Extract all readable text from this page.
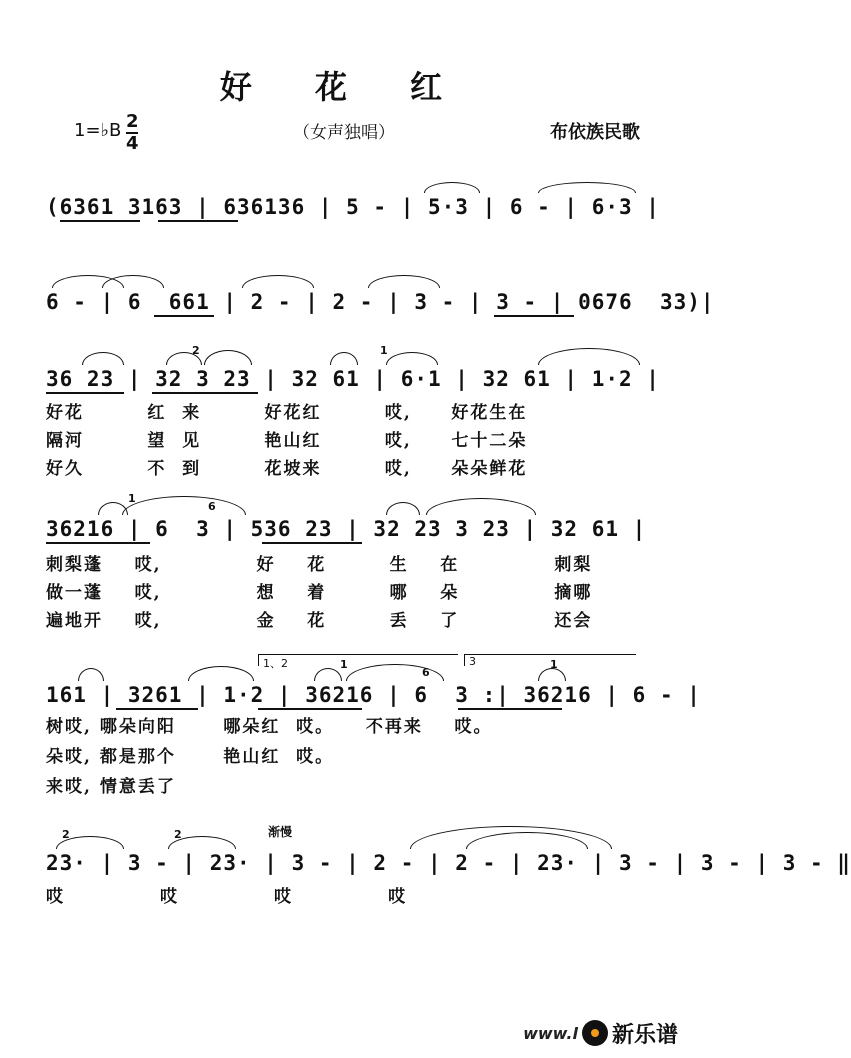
好 花 红
（女声独唱）	布依族民歌
1=♭B 2
4
(6361 3163 | 636136 | 5 - | 5·3 | 6 - | 6·3 |
6 - | 6  661 | 2 - | 2 - | 3 - | 3 - | 0676  33)|
36 23 | 32 3 23 | 32 61 | 6·1 | 32 61 | 1·2 |
2	1
好花        红  来        好花红        哎,     好花生在
隔河        望  见        艳山红        哎,     七十二朵
好久        不  到        花坡来        哎,     朵朵鲜花
36216 | 6  3 | 536 23 | 32 23 3 23 | 32 61 |
1
6
刺梨蓬    哎,            好    花        生    在            刺梨
做一蓬    哎,            想    着        哪    朵            摘哪
遍地开    哎,            金    花        丢    了            还会
1、2	3
161 | 3261 | 1·2 | 36216 | 6  3 :| 36216 | 6 - |
1
6
1
树哎, 哪朵向阳      哪朵红  哎。    不再来    哎。
朵哎, 都是那个      艳山红  哎。
来哎, 情意丢了
渐慢
23· | 3 - | 23· | 3 - | 2 - | 2 - | 23· | 3 - | 3 - | 3 - ‖
2	2
哎            哎            哎            哎
www.l 新乐谱
